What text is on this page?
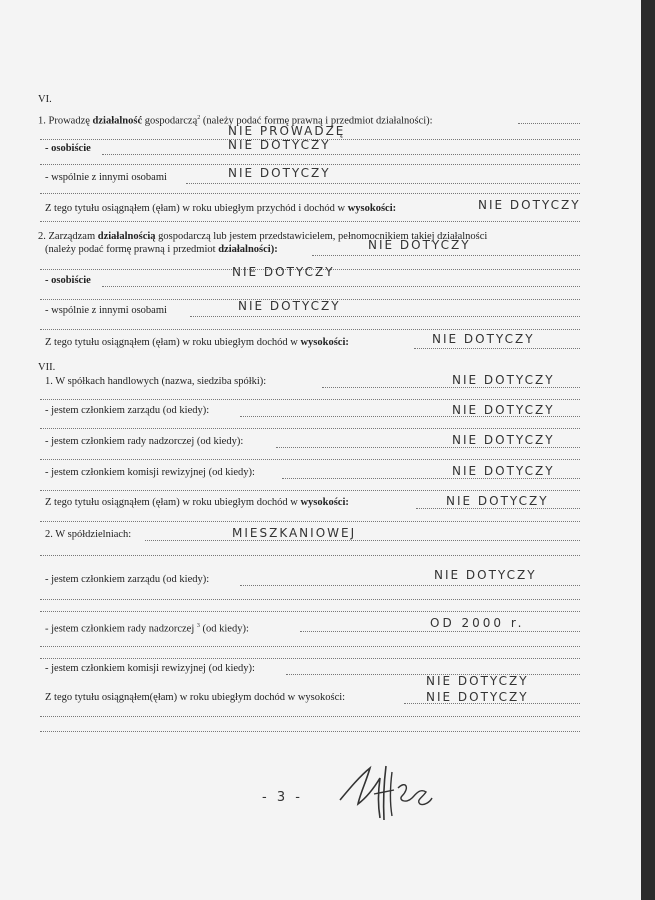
VI.
1. Prowadzę działalność gospodarczą$^2$ (należy podać formę prawną i przedmiot działalności):
NIE PROWADZĘ
- osobiście	NIE DOTYCZY
- wspólnie z innymi osobami	NIE DOTYCZY
Z tego tytułu osiągnąłem (ęłam) w roku ubiegłym przychód i dochód w wysokości:	NIE DOTYCZY
2. Zarządzam działalnością gospodarczą lub jestem przedstawicielem, pełnomocnikiem takiej działalności
(należy podać formę prawną i przedmiot działalności):	NIE DOTYCZY
- osobiście
NIE DOTYCZY
- wspólnie z innymi osobami	NIE DOTYCZY
Z tego tytułu osiągnąłem (ęłam) w roku ubiegłym dochód w wysokości:	NIE DOTYCZY
VII.
1. W spółkach handlowych (nazwa, siedziba spółki):	NIE DOTYCZY
- jestem członkiem zarządu (od kiedy):	NIE DOTYCZY
- jestem członkiem rady nadzorczej (od kiedy):	NIE DOTYCZY
- jestem członkiem komisji rewizyjnej (od kiedy):	NIE DOTYCZY
Z tego tytułu osiągnąłem (ęłam) w roku ubiegłym dochód w wysokości:	NIE DOTYCZY
2. W spółdzielniach:	MIESZKANIOWEJ
- jestem członkiem zarządu (od kiedy):	NIE DOTYCZY
- jestem członkiem rady nadzorczej $^3$ (od kiedy):	OD 2000 r.
- jestem członkiem komisji rewizyjnej (od kiedy):
NIE DOTYCZY
Z tego tytułu osiągnąłem(ęłam) w roku ubiegłym dochód w wysokości:	NIE DOTYCZY
- 3 -
